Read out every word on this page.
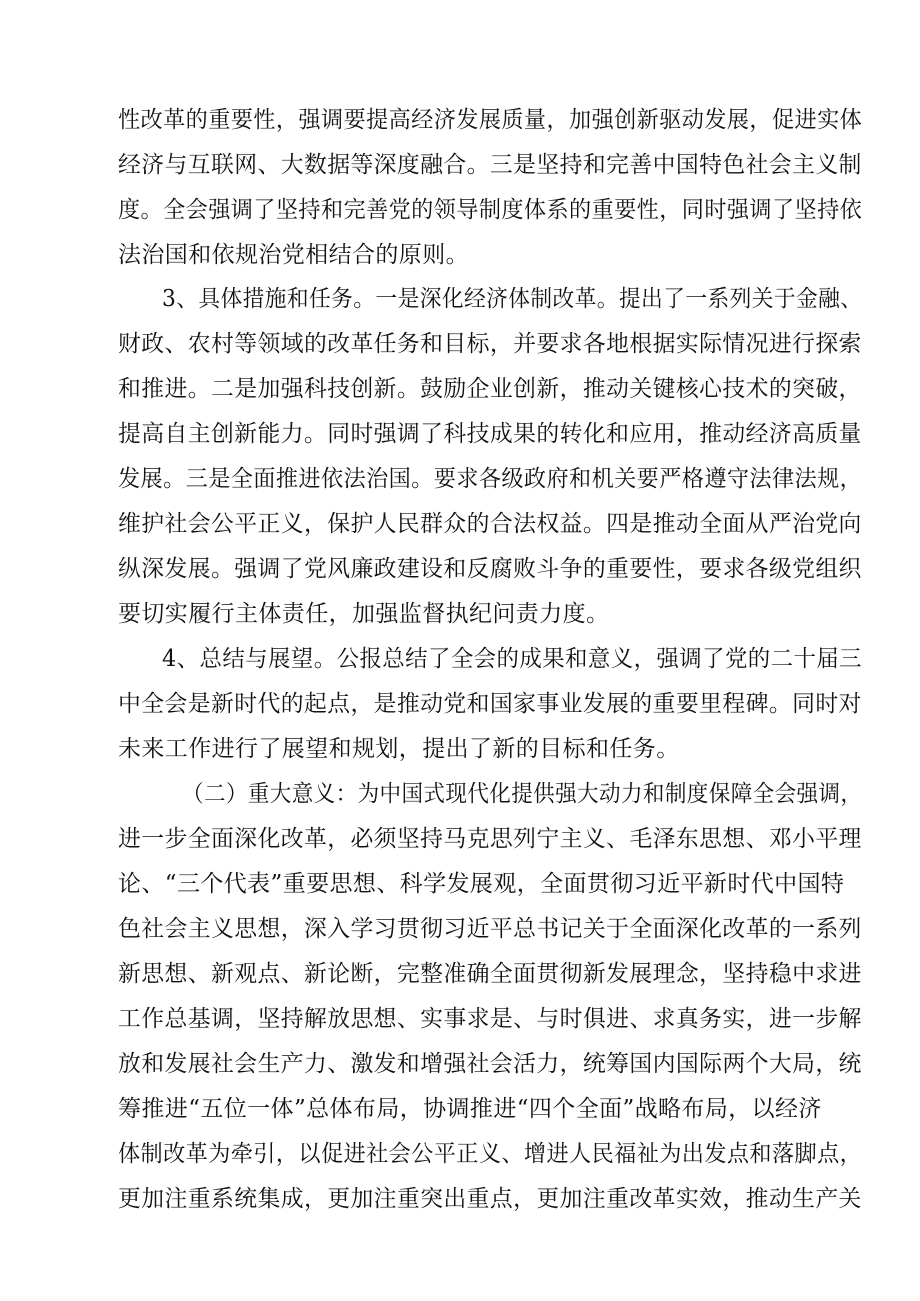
性改革的重要性，强调要提高经济发展质量，加强创新驱动发展，促进实体
经济与互联网、大数据等深度融合。三是坚持和完善中国特色社会主义制
度。全会强调了坚持和完善党的领导制度体系的重要性，同时强调了坚持依
法治国和依规治党相结合的原则。
3、具体措施和任务。一是深化经济体制改革。提出了一系列关于金融、
财政、农村等领域的改革任务和目标，并要求各地根据实际情况进行探索
和推进。二是加强科技创新。鼓励企业创新，推动关键核心技术的突破，
提高自主创新能力。同时强调了科技成果的转化和应用，推动经济高质量
发展。三是全面推进依法治国。要求各级政府和机关要严格遵守法律法规，
维护社会公平正义，保护人民群众的合法权益。四是推动全面从严治党向
纵深发展。强调了党风廉政建设和反腐败斗争的重要性，要求各级党组织
要切实履行主体责任，加强监督执纪问责力度。
4、总结与展望。公报总结了全会的成果和意义，强调了党的二十届三
中全会是新时代的起点，是推动党和国家事业发展的重要里程碑。同时对
未来工作进行了展望和规划，提出了新的目标和任务。
（二）重大意义：为中国式现代化提供强大动力和制度保障全会强调，
进一步全面深化改革，必须坚持马克思列宁主义、毛泽东思想、邓小平理
论、“三个代表”重要思想、科学发展观，全面贯彻习近平新时代中国特
色社会主义思想，深入学习贯彻习近平总书记关于全面深化改革的一系列
新思想、新观点、新论断，完整准确全面贯彻新发展理念，坚持稳中求进
工作总基调，坚持解放思想、实事求是、与时俱进、求真务实，进一步解
放和发展社会生产力、激发和增强社会活力，统筹国内国际两个大局，统
筹推进“五位一体”总体布局，协调推进“四个全面”战略布局，以经济
体制改革为牵引，以促进社会公平正义、增进人民福祉为出发点和落脚点，
更加注重系统集成，更加注重突出重点，更加注重改革实效，推动生产关
